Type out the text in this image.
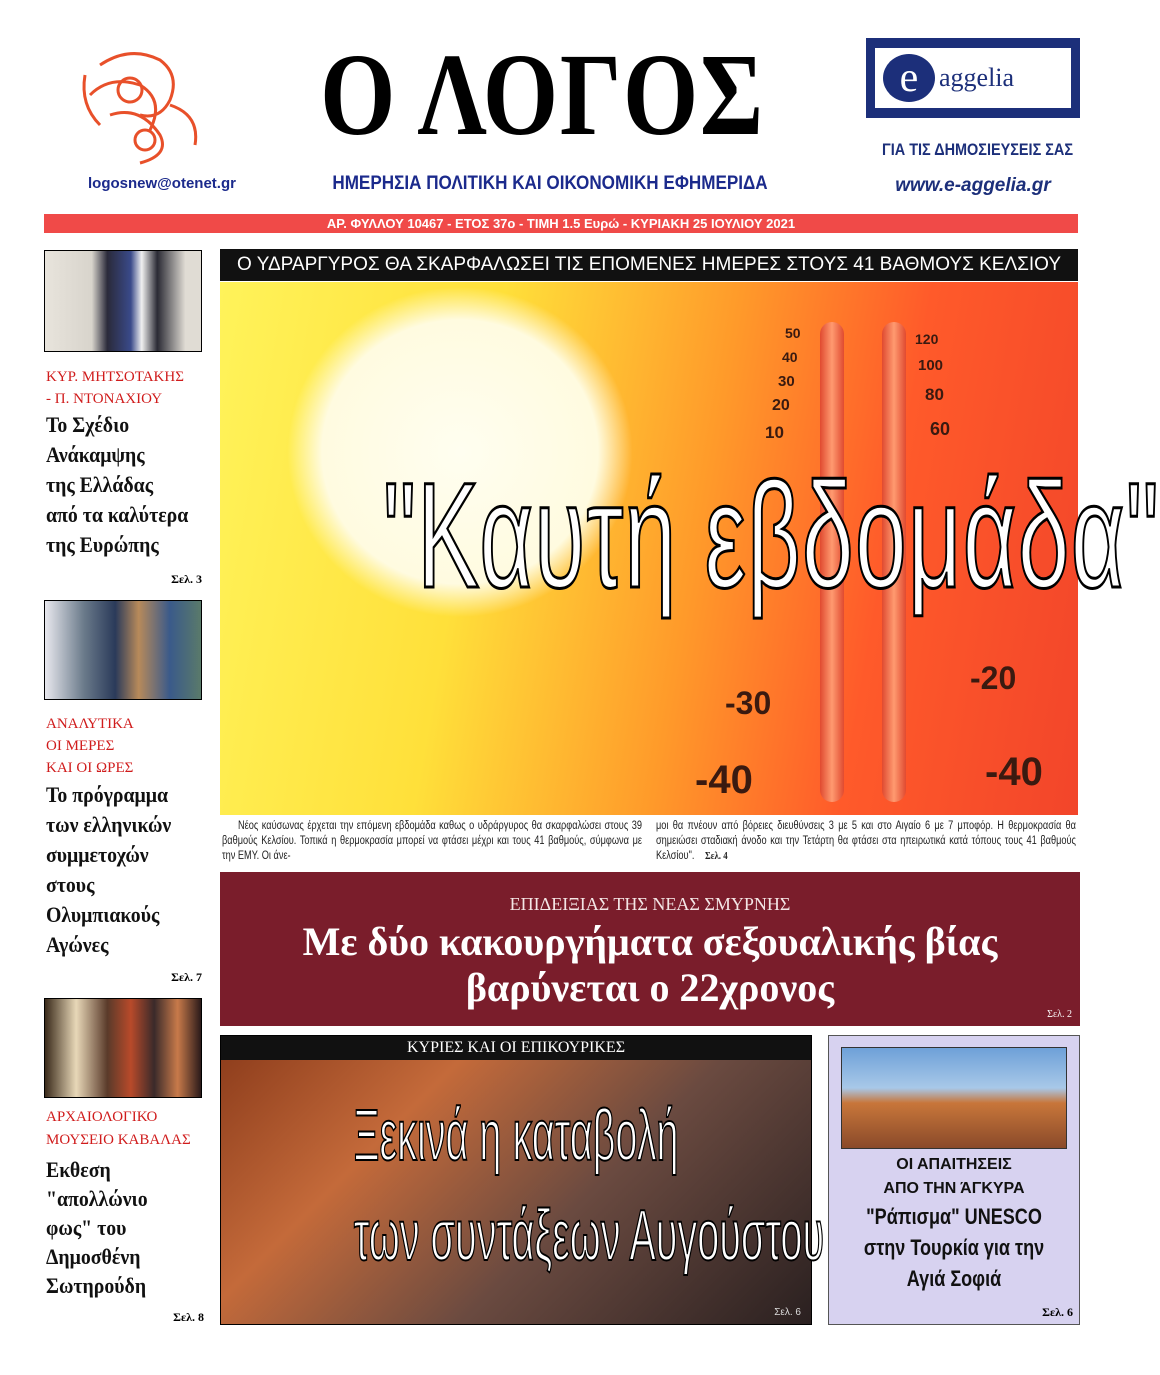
logosnew@otenet.gr
Ο ΛΟΓΟΣ
ΗΜΕΡΗΣΙΑ ΠΟΛΙΤΙΚΗ ΚΑΙ ΟΙΚΟΝΟΜΙΚΗ ΕΦΗΜΕΡΙΔΑ
e aggelia
ΓΙΑ ΤΙΣ ΔΗΜΟΣΙΕΥΣΕΙΣ ΣΑΣ
www.e-aggelia.gr
ΑΡ. ΦΥΛΛΟΥ 10467 - ΕΤΟΣ 37ο - ΤΙΜΗ 1.5 Ευρώ - ΚΥΡΙΑΚΗ 25 ΙΟΥΛΙΟΥ 2021
ΚΥΡ. ΜΗΤΣΟΤΑΚΗΣ
- Π. ΝΤΟΝΑΧΙΟΥ
Το Σχέδιο
Ανάκαμψης
της Ελλάδας
από τα καλύτερα
της Ευρώπης
Σελ. 3
ΑΝΑΛΥΤΙΚΑ
ΟΙ ΜΕΡΕΣ
ΚΑΙ ΟΙ ΩΡΕΣ
Το πρόγραμμα
των ελληνικών
συμμετοχών
στους
Ολυμπιακούς
Αγώνες
Σελ. 7
ΑΡΧΑΙΟΛΟΓΙΚΟ
ΜΟΥΣΕΙΟ ΚΑΒΑΛΑΣ
Εκθεση
"απολλώνιο
φως" του
Δημοσθένη
Σωτηρούδη
Σελ. 8
Ο ΥΔΡΑΡΓΥΡΟΣ ΘΑ ΣΚΑΡΦΑΛΩΣΕΙ ΤΙΣ ΕΠΟΜΕΝΕΣ ΗΜΕΡΕΣ ΣΤΟΥΣ 41 ΒΑΘΜΟΥΣ ΚΕΛΣΙΟΥ
50
40
30
20
10
-30
-40
120
100
80
60
-20
-40
"Καυτή εβδομάδα"
Νέος καύσωνας έρχεται την επόμενη εβδομάδα καθως ο υδράργυρος θα σκαρφαλώσει στους 39 βαθμούς Κελσίου. Τοπικά η θερμοκρασία μπορεί να φτάσει μέχρι και τους 41 βαθμούς, σύμφωνα με την ΕΜΥ. Οι άνε-
μοι θα πνέουν από βόρειες διευθύνσεις 3 με 5 και στο Αιγαίο 6 με 7 μποφόρ. Η θερμοκρασία θα σημειώσει σταδιακή άνοδο και την Τετάρτη θα φτάσει στα ηπειρωτικά κατά τόπους τους 41 βαθμούς Κελσίου". Σελ. 4
ΕΠΙΔΕΙΞΙΑΣ ΤΗΣ ΝΕΑΣ ΣΜΥΡΝΗΣ
Με δύο κακουργήματα σεξουαλικής βίας
βαρύνεται ο 22χρονος
Σελ. 2
ΚΥΡΙΕΣ ΚΑΙ ΟΙ ΕΠΙΚΟΥΡΙΚΕΣ
Ξεκινά η καταβολή
των συντάξεων Αυγούστου
Σελ. 6
ΟΙ ΑΠΑΙΤΗΣΕΙΣ
ΑΠΟ ΤΗΝ ΆΓΚΥΡΑ
"Ράπισμα" UNESCO
στην Τουρκία για την
Αγιά Σοφιά
Σελ. 6
